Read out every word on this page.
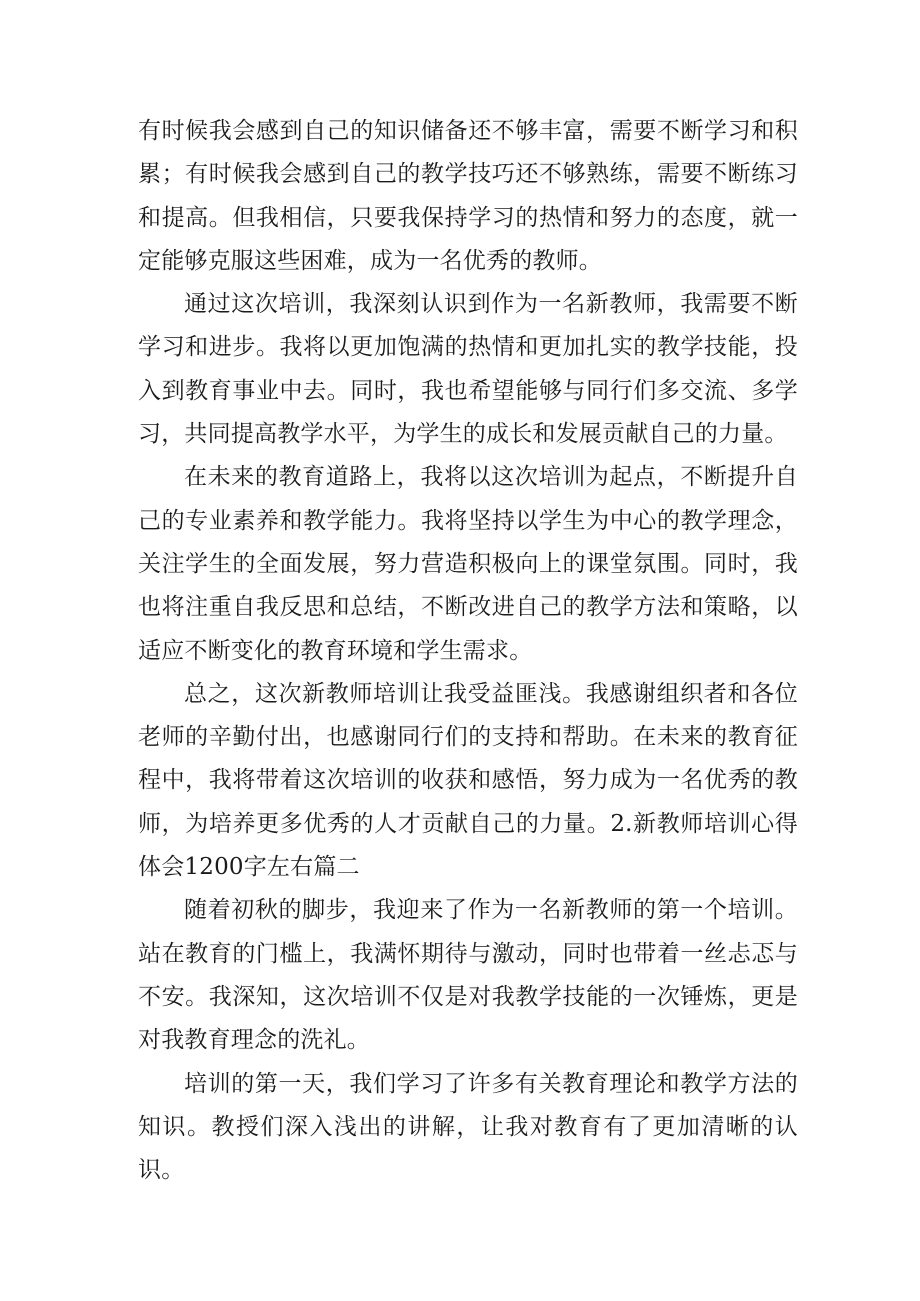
有时候我会感到自己的知识储备还不够丰富，需要不断学习和积累；有时候我会感到自己的教学技巧还不够熟练，需要不断练习和提高。但我相信，只要我保持学习的热情和努力的态度，就一定能够克服这些困难，成为一名优秀的教师。

通过这次培训，我深刻认识到作为一名新教师，我需要不断学习和进步。我将以更加饱满的热情和更加扎实的教学技能，投入到教育事业中去。同时，我也希望能够与同行们多交流、多学习，共同提高教学水平，为学生的成长和发展贡献自己的力量。

在未来的教育道路上，我将以这次培训为起点，不断提升自己的专业素养和教学能力。我将坚持以学生为中心的教学理念，关注学生的全面发展，努力营造积极向上的课堂氛围。同时，我也将注重自我反思和总结，不断改进自己的教学方法和策略，以适应不断变化的教育环境和学生需求。

总之，这次新教师培训让我受益匪浅。我感谢组织者和各位老师的辛勤付出，也感谢同行们的支持和帮助。在未来的教育征程中，我将带着这次培训的收获和感悟，努力成为一名优秀的教师，为培养更多优秀的人才贡献自己的力量。2.新教师培训心得体会1200字左右篇二

随着初秋的脚步，我迎来了作为一名新教师的第一个培训。站在教育的门槛上，我满怀期待与激动，同时也带着一丝忐忑与不安。我深知，这次培训不仅是对我教学技能的一次锤炼，更是对我教育理念的洗礼。

培训的第一天，我们学习了许多有关教育理论和教学方法的知识。教授们深入浅出的讲解，让我对教育有了更加清晰的认识。
